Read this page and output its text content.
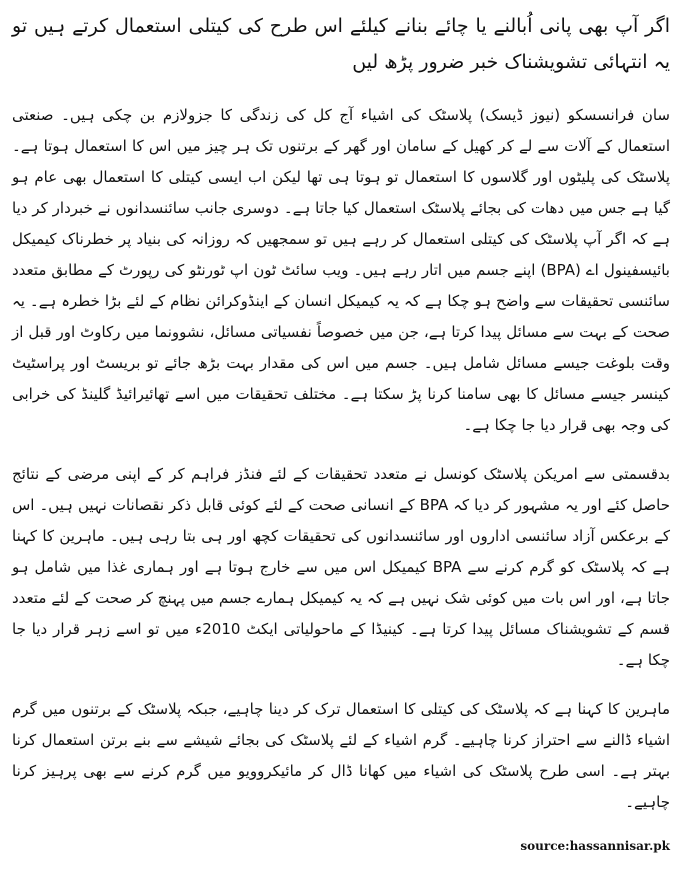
اگر آپ بھی پانی اُبالنے یا چائے بنانے کیلئے اس طرح کی کیتلی استعمال کرتے ہیں تو یہ انتہائی تشویشناک خبر ضرور پڑھ لیں

سان فرانسسکو (نیوز ڈیسک) پلاسٹک کی اشیاء آج کل کی زندگی کا جزولازم بن چکی ہیں۔ صنعتی استعمال کے آلات سے لے کر کھیل کے سامان اور گھر کے برتنوں تک ہر چیز میں اس کا استعمال ہوتا ہے۔ پلاسٹک کی پلیٹوں اور گلاسوں کا استعمال تو ہوتا ہی تھا لیکن اب ایسی کیتلی کا استعمال بھی عام ہو گیا ہے جس میں دھات کی بجائے پلاسٹک استعمال کیا جاتا ہے۔ دوسری جانب سائنسدانوں نے خبردار کر دیا ہے کہ اگر آپ پلاسٹک کی کیتلی استعمال کر رہے ہیں تو سمجھیں کہ روزانہ کی بنیاد پر خطرناک کیمیکل بائیسفینول اے (BPA) اپنے جسم میں اتار رہے ہیں۔ ویب سائٹ ٹون اپ ٹورنٹو کی رپورٹ کے مطابق متعدد سائنسی تحقیقات سے واضح ہو چکا ہے کہ یہ کیمیکل انسان کے اینڈوکرائن نظام کے لئے بڑا خطرہ ہے۔ یہ صحت کے بہت سے مسائل پیدا کرتا ہے، جن میں خصوصاً نفسیاتی مسائل، نشوونما میں رکاوٹ اور قبل از وقت بلوغت جیسے مسائل شامل ہیں۔ جسم میں اس کی مقدار بہت بڑھ جائے تو بریسٹ اور پراسٹیٹ کینسر جیسے مسائل کا بھی سامنا کرنا پڑ سکتا ہے۔ مختلف تحقیقات میں اسے تھائیرائیڈ گلینڈ کی خرابی کی وجہ بھی قرار دیا جا چکا ہے۔

بدقسمتی سے امریکن پلاسٹک کونسل نے متعدد تحقیقات کے لئے فنڈز فراہم کر کے اپنی مرضی کے نتائج حاصل کئے اور یہ مشہور کر دیا کہ BPA کے انسانی صحت کے لئے کوئی قابل ذکر نقصانات نہیں ہیں۔ اس کے برعکس آزاد سائنسی اداروں اور سائنسدانوں کی تحقیقات کچھ اور ہی بتا رہی ہیں۔ ماہرین کا کہنا ہے کہ پلاسٹک کو گرم کرنے سے BPA کیمیکل اس میں سے خارج ہوتا ہے اور ہماری غذا میں شامل ہو جاتا ہے، اور اس بات میں کوئی شک نہیں ہے کہ یہ کیمیکل ہمارے جسم میں پہنچ کر صحت کے لئے متعدد قسم کے تشویشناک مسائل پیدا کرتا ہے۔ کینیڈا کے ماحولیاتی ایکٹ 2010ء میں تو اسے زہر قرار دیا جا چکا ہے۔

ماہرین کا کہنا ہے کہ پلاسٹک کی کیتلی کا استعمال ترک کر دینا چاہیے، جبکہ پلاسٹک کے برتنوں میں گرم اشیاء ڈالنے سے احتراز کرنا چاہیے۔ گرم اشیاء کے لئے پلاسٹک کی بجائے شیشے سے بنے برتن استعمال کرنا بہتر ہے۔ اسی طرح پلاسٹک کی اشیاء میں کھانا ڈال کر مائیکروویو میں گرم کرنے سے بھی پرہیز کرنا چاہیے۔

source:hassannisar.pk
